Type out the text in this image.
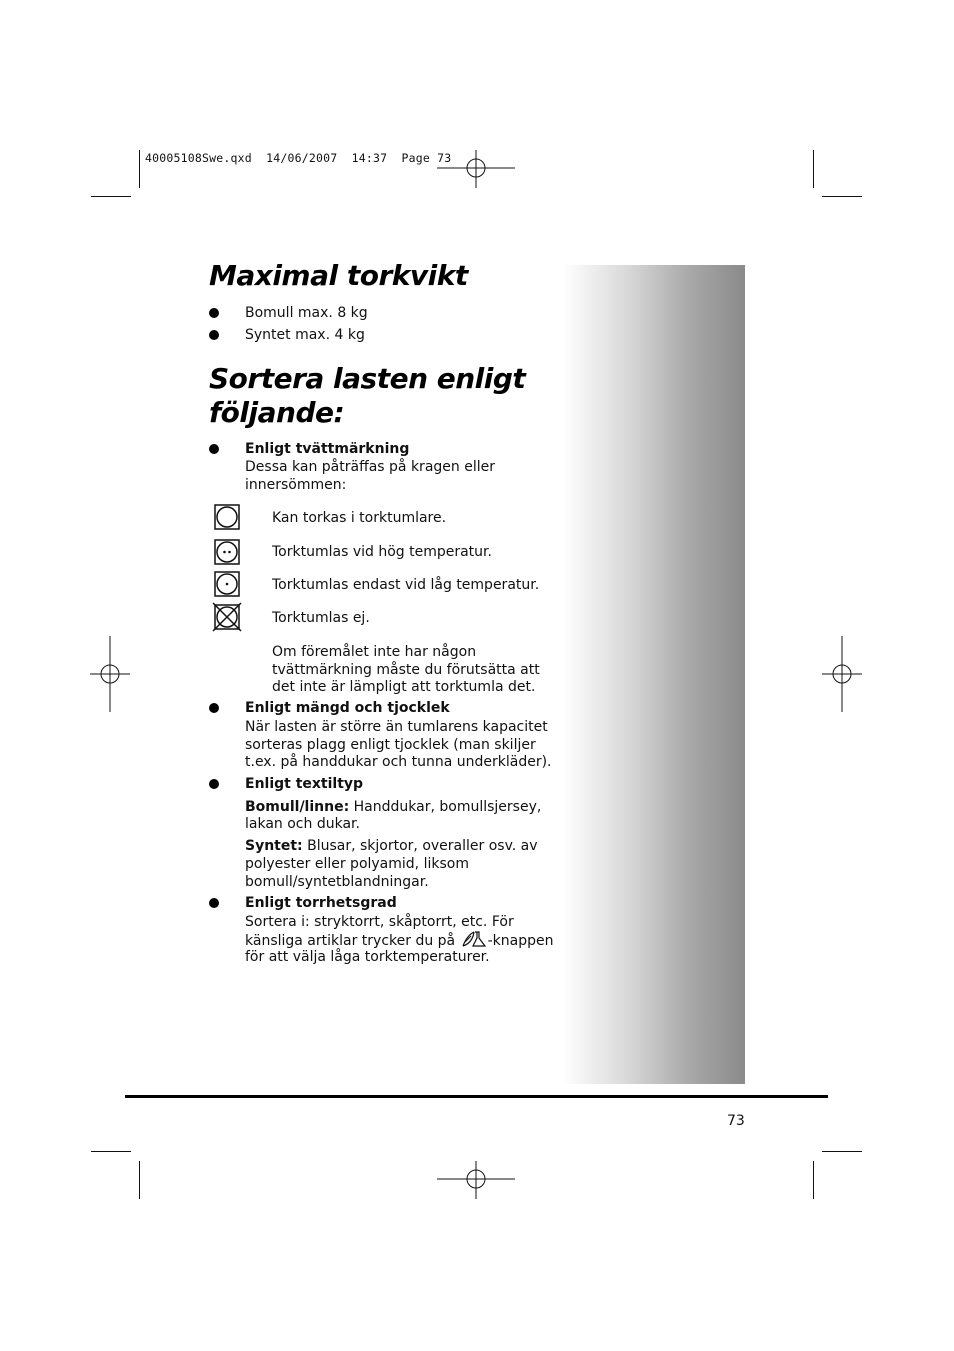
40005108Swe.qxd  14/06/2007  14:37  Page 73
Maximal torkvikt
Bomull max. 8 kg
Syntet max. 4 kg
Sortera lasten enligt
följande:
Enligt tvättmärkning
Dessa kan påträffas på kragen eller
innersömmen:
Kan torkas i torktumlare.
Torktumlas vid hög temperatur.
Torktumlas endast vid låg temperatur.
Torktumlas ej.
Om föremålet inte har någon
tvättmärkning måste du förutsätta att
det inte är lämpligt att torktumla det.
Enligt mängd och tjocklek
När lasten är större än tumlarens kapacitet
sorteras plagg enligt tjocklek (man skiljer
t.ex. på handdukar och tunna underkläder).
Enligt textiltyp
Bomull/linne: Handdukar, bomullsjersey,
lakan och dukar.
Syntet: Blusar, skjortor, overaller osv. av
polyester eller polyamid, liksom
bomull/syntetblandningar.
Enligt torrhetsgrad
Sortera i: stryktorrt, skåptorrt, etc. För
känsliga artiklar trycker du på -knappen
för att välja låga torktemperaturer.
73
